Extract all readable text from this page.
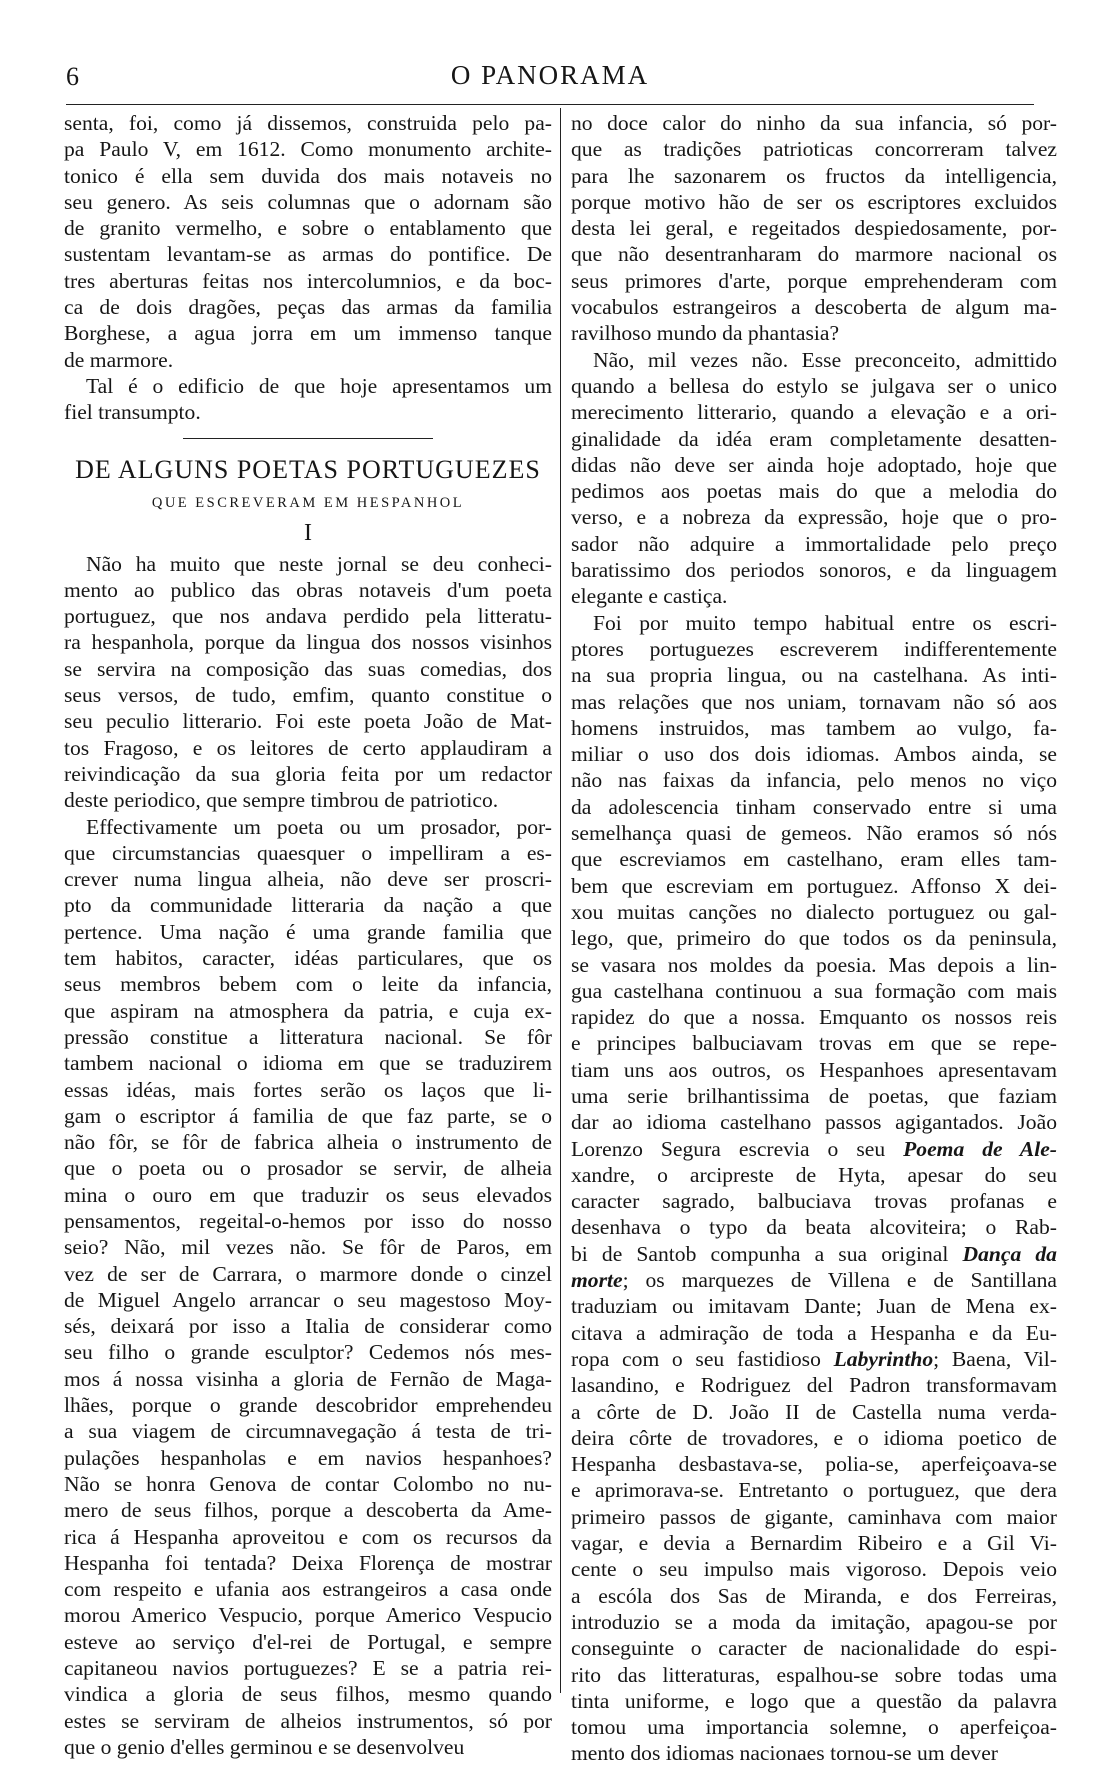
6	O PANORAMA
senta, foi, como já dissemos, construida pelo pa-
pa Paulo V, em 1612. Como monumento archite-
tonico é ella sem duvida dos mais notaveis no
seu genero. As seis columnas que o adornam são
de granito vermelho, e sobre o entablamento que
sustentam levantam-se as armas do pontifice. De
tres aberturas feitas nos intercolumnios, e da boc-
ca de dois dragões, peças das armas da familia
Borghese, a agua jorra em um immenso tanque
de marmore.
Tal é o edificio de que hoje apresentamos um
fiel transumpto.
DE ALGUNS POETAS PORTUGUEZES
QUE ESCREVERAM EM HESPANHOL
I
Não ha muito que neste jornal se deu conheci-
mento ao publico das obras notaveis d'um poeta
portuguez, que nos andava perdido pela litteratu-
ra hespanhola, porque da lingua dos nossos visinhos
se servira na composição das suas comedias, dos
seus versos, de tudo, emfim, quanto constitue o
seu peculio litterario. Foi este poeta João de Mat-
tos Fragoso, e os leitores de certo applaudiram a
reivindicação da sua gloria feita por um redactor
deste periodico, que sempre timbrou de patriotico.
Effectivamente um poeta ou um prosador, por-
que circumstancias quaesquer o impelliram a es-
crever numa lingua alheia, não deve ser proscri-
pto da communidade litteraria da nação a que
pertence. Uma nação é uma grande familia que
tem habitos, caracter, idéas particulares, que os
seus membros bebem com o leite da infancia,
que aspiram na atmosphera da patria, e cuja ex-
pressão constitue a litteratura nacional. Se fôr
tambem nacional o idioma em que se traduzirem
essas idéas, mais fortes serão os laços que li-
gam o escriptor á familia de que faz parte, se o
não fôr, se fôr de fabrica alheia o instrumento de
que o poeta ou o prosador se servir, de alheia
mina o ouro em que traduzir os seus elevados
pensamentos, regeital-o-hemos por isso do nosso
seio? Não, mil vezes não. Se fôr de Paros, em
vez de ser de Carrara, o marmore donde o cinzel
de Miguel Angelo arrancar o seu magestoso Moy-
sés, deixará por isso a Italia de considerar como
seu filho o grande esculptor? Cedemos nós mes-
mos á nossa visinha a gloria de Fernão de Maga-
lhães, porque o grande descobridor emprehendeu
a sua viagem de circumnavegação á testa de tri-
pulações hespanholas e em navios hespanhoes?
Não se honra Genova de contar Colombo no nu-
mero de seus filhos, porque a descoberta da Ame-
rica á Hespanha aproveitou e com os recursos da
Hespanha foi tentada? Deixa Florença de mostrar
com respeito e ufania aos estrangeiros a casa onde
morou Americo Vespucio, porque Americo Vespucio
esteve ao serviço d'el-rei de Portugal, e sempre
capitaneou navios portuguezes? E se a patria rei-
vindica a gloria de seus filhos, mesmo quando
estes se serviram de alheios instrumentos, só por
que o genio d'elles germinou e se desenvolveu
no doce calor do ninho da sua infancia, só por-
que as tradições patrioticas concorreram talvez
para lhe sazonarem os fructos da intelligencia,
porque motivo hão de ser os escriptores excluidos
desta lei geral, e regeitados despiedosamente, por-
que não desentranharam do marmore nacional os
seus primores d'arte, porque emprehenderam com
vocabulos estrangeiros a descoberta de algum ma-
ravilhoso mundo da phantasia?
Não, mil vezes não. Esse preconceito, admittido
quando a bellesa do estylo se julgava ser o unico
merecimento litterario, quando a elevação e a ori-
ginalidade da idéa eram completamente desatten-
didas não deve ser ainda hoje adoptado, hoje que
pedimos aos poetas mais do que a melodia do
verso, e a nobreza da expressão, hoje que o pro-
sador não adquire a immortalidade pelo preço
baratissimo dos periodos sonoros, e da linguagem
elegante e castiça.
Foi por muito tempo habitual entre os escri-
ptores portuguezes escreverem indifferentemente
na sua propria lingua, ou na castelhana. As inti-
mas relações que nos uniam, tornavam não só aos
homens instruidos, mas tambem ao vulgo, fa-
miliar o uso dos dois idiomas. Ambos ainda, se
não nas faixas da infancia, pelo menos no viço
da adolescencia tinham conservado entre si uma
semelhança quasi de gemeos. Não eramos só nós
que escreviamos em castelhano, eram elles tam-
bem que escreviam em portuguez. Affonso X dei-
xou muitas canções no dialecto portuguez ou gal-
lego, que, primeiro do que todos os da peninsula,
se vasara nos moldes da poesia. Mas depois a lin-
gua castelhana continuou a sua formação com mais
rapidez do que a nossa. Emquanto os nossos reis
e principes balbuciavam trovas em que se repe-
tiam uns aos outros, os Hespanhoes apresentavam
uma serie brilhantissima de poetas, que faziam
dar ao idioma castelhano passos agigantados. João
Lorenzo Segura escrevia o seu Poema de Ale-
xandre, o arcipreste de Hyta, apesar do seu
caracter sagrado, balbuciava trovas profanas e
desenhava o typo da beata alcoviteira; o Rab-
bi de Santob compunha a sua original Dança da
morte; os marquezes de Villena e de Santillana
traduziam ou imitavam Dante; Juan de Mena ex-
citava a admiração de toda a Hespanha e da Eu-
ropa com o seu fastidioso Labyrintho; Baena, Vil-
lasandino, e Rodriguez del Padron transformavam
a côrte de D. João II de Castella numa verda-
deira côrte de trovadores, e o idioma poetico de
Hespanha desbastava-se, polia-se, aperfeiçoava-se
e aprimorava-se. Entretanto o portuguez, que dera
primeiro passos de gigante, caminhava com maior
vagar, e devia a Bernardim Ribeiro e a Gil Vi-
cente o seu impulso mais vigoroso. Depois veio
a escóla dos Sas de Miranda, e dos Ferreiras,
introduzio se a moda da imitação, apagou-se por
conseguinte o caracter de nacionalidade do espi-
rito das litteraturas, espalhou-se sobre todas uma
tinta uniforme, e logo que a questão da palavra
tomou uma importancia solemne, o aperfeiçoa-
mento dos idiomas nacionaes tornou-se um dever
